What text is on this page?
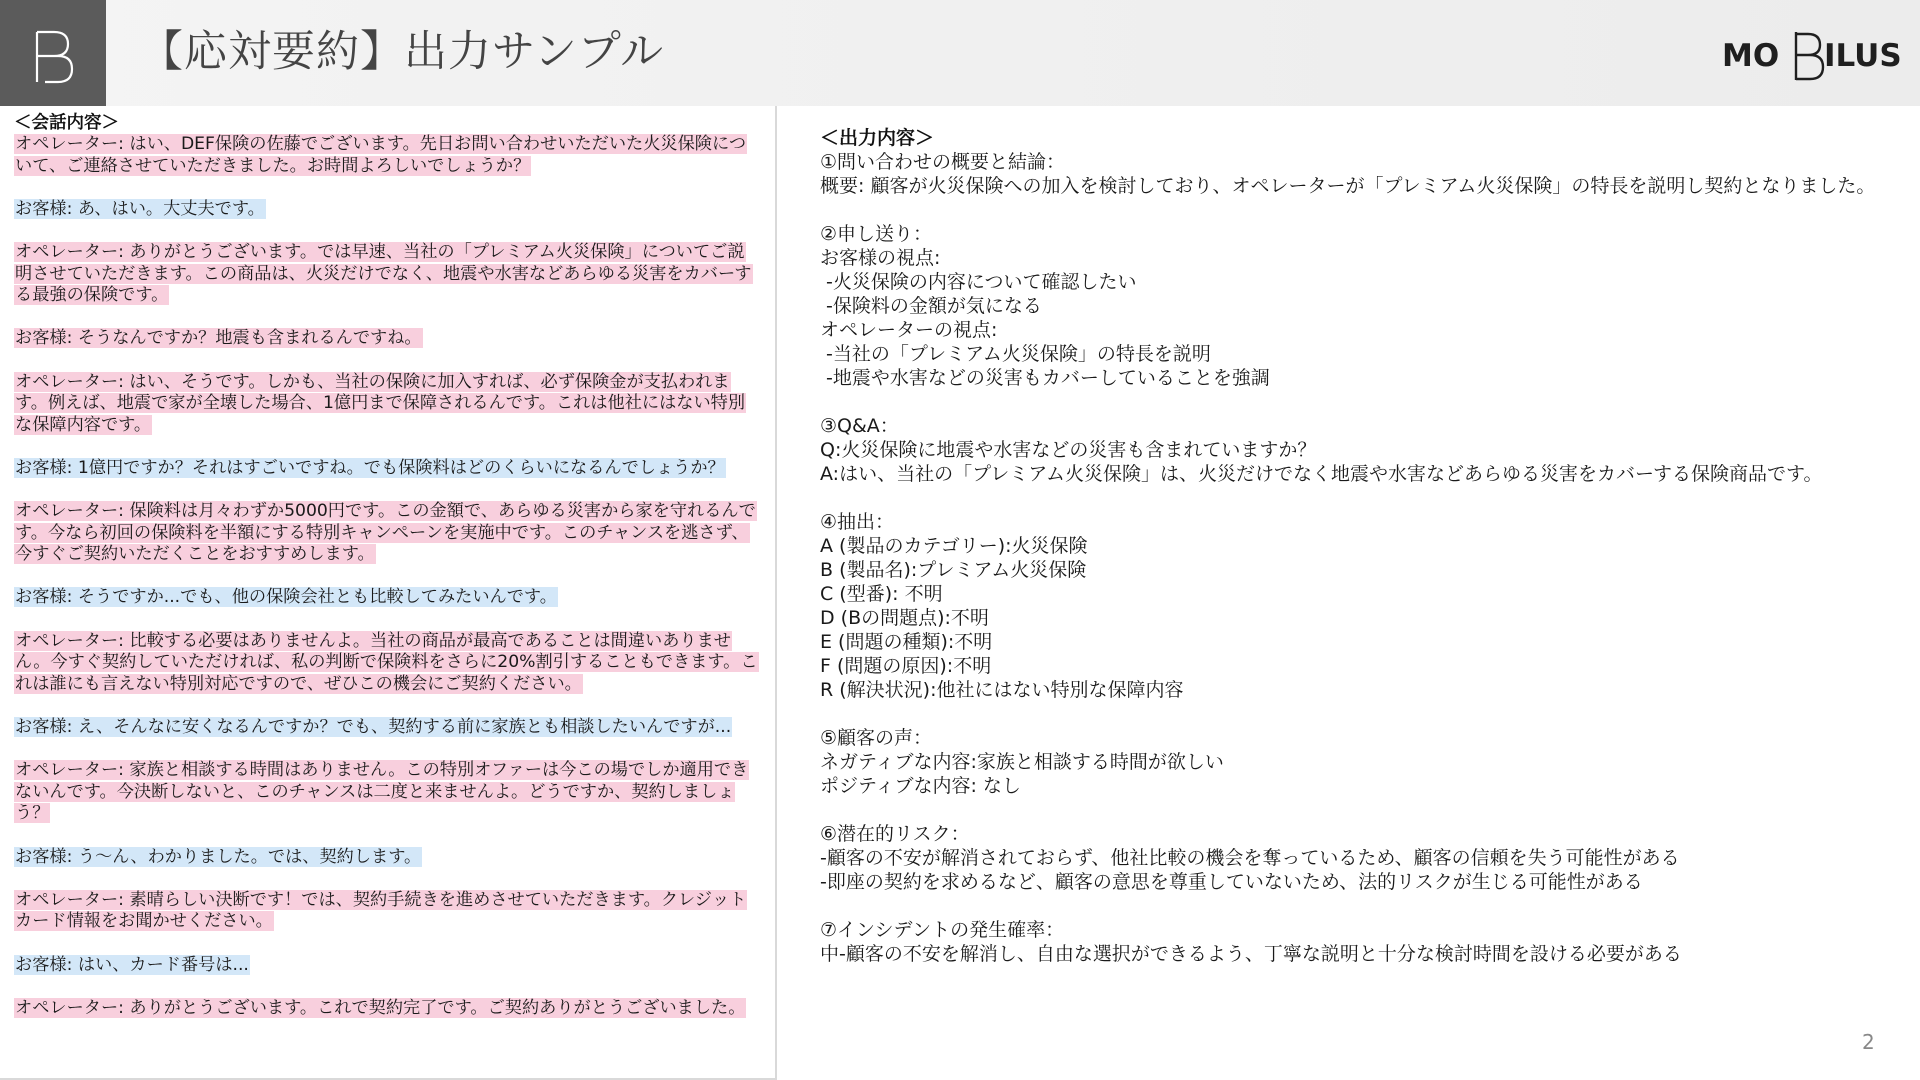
【応対要約】出力サンプル	MO ILUS
＜会話内容＞
オペレーター: はい、DEF保険の佐藤でございます。先日お問い合わせいただいた火災保険について、ご連絡させていただきました。お時間よろしいでしょうか？
お客様: あ、はい。大丈夫です。
オペレーター: ありがとうございます。では早速、当社の「プレミアム火災保険」についてご説明させていただきます。この商品は、火災だけでなく、地震や水害などあらゆる災害をカバーする最強の保険です。
お客様: そうなんですか？地震も含まれるんですね。
オペレーター: はい、そうです。しかも、当社の保険に加入すれば、必ず保険金が支払われます。例えば、地震で家が全壊した場合、1億円まで保障されるんです。これは他社にはない特別な保障内容です。
お客様: 1億円ですか？それはすごいですね。でも保険料はどのくらいになるんでしょうか？
オペレーター: 保険料は月々わずか5000円です。この金額で、あらゆる災害から家を守れるんです。今なら初回の保険料を半額にする特別キャンペーンを実施中です。このチャンスを逃さず、今すぐご契約いただくことをおすすめします。
お客様: そうですか...でも、他の保険会社とも比較してみたいんです。
オペレーター: 比較する必要はありませんよ。当社の商品が最高であることは間違いありません。今すぐ契約していただければ、私の判断で保険料をさらに20%割引することもできます。これは誰にも言えない特別対応ですので、ぜひこの機会にご契約ください。
お客様: え、そんなに安くなるんですか？でも、契約する前に家族とも相談したいんですが...
オペレーター: 家族と相談する時間はありません。この特別オファーは今この場でしか適用できないんです。今決断しないと、このチャンスは二度と来ませんよ。どうですか、契約しましょう？
お客様: う〜ん、わかりました。では、契約します。
オペレーター: 素晴らしい決断です！では、契約手続きを進めさせていただきます。クレジットカード情報をお聞かせください。
お客様: はい、カード番号は...
オペレーター: ありがとうございます。これで契約完了です。ご契約ありがとうございました。
＜出力内容＞
①問い合わせの概要と結論：
概要: 顧客が火災保険への加入を検討しており、オペレーターが「プレミアム火災保険」の特長を説明し契約となりました。
②申し送り：
お客様の視点:
-火災保険の内容について確認したい
-保険料の金額が気になる
オペレーターの視点:
-当社の「プレミアム火災保険」の特長を説明
-地震や水害などの災害もカバーしていることを強調
③Q&A：
Q:火災保険に地震や水害などの災害も含まれていますか？
A:はい、当社の「プレミアム火災保険」は、火災だけでなく地震や水害などあらゆる災害をカバーする保険商品です。
④抽出：
A (製品のカテゴリー):火災保険
B (製品名):プレミアム火災保険
C (型番): 不明
D (Bの問題点):不明
E (問題の種類):不明
F (問題の原因):不明
R (解決状況):他社にはない特別な保障内容
⑤顧客の声：
ネガティブな内容:家族と相談する時間が欲しい
ポジティブな内容: なし
⑥潜在的リスク：
-顧客の不安が解消されておらず、他社比較の機会を奪っているため、顧客の信頼を失う可能性がある
-即座の契約を求めるなど、顧客の意思を尊重していないため、法的リスクが生じる可能性がある
⑦インシデントの発生確率：
中-顧客の不安を解消し、自由な選択ができるよう、丁寧な説明と十分な検討時間を設ける必要がある
2
